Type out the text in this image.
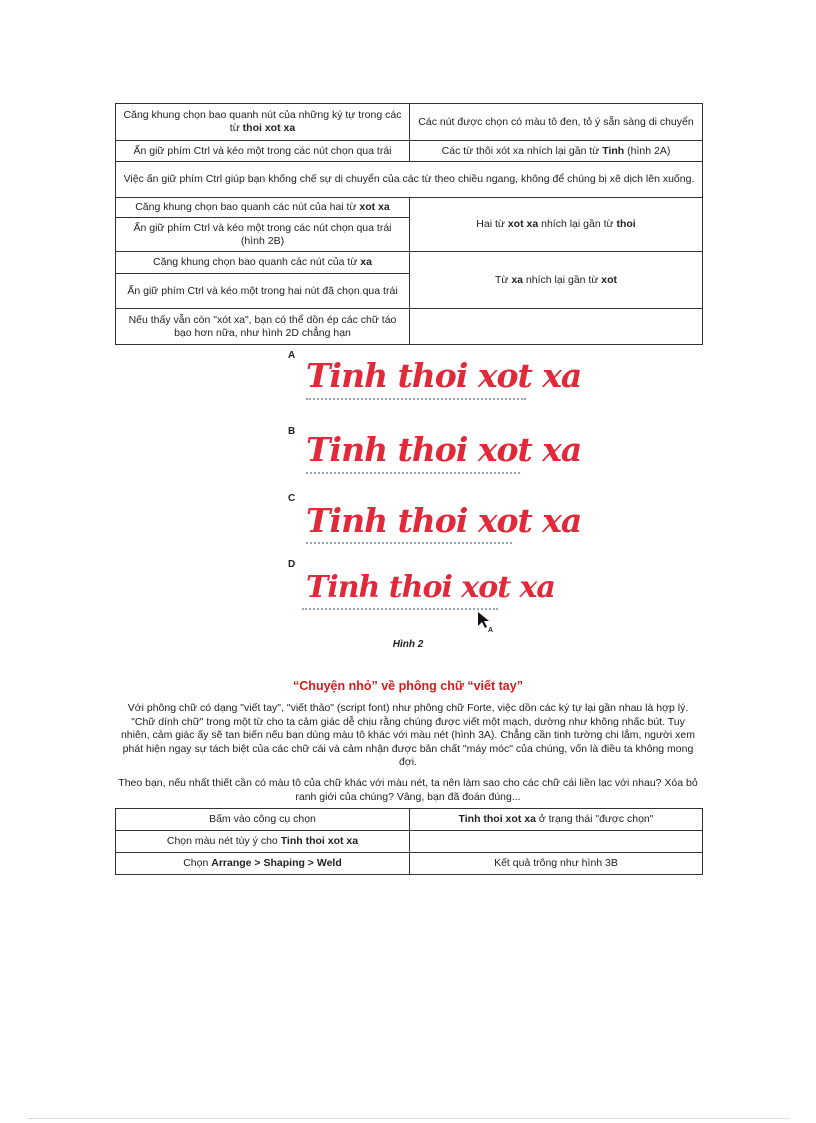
Căng khung chọn bao quanh nút của những ký tự trong các từ thoi xot xa	Các nút được chọn có màu tô đen, tỏ ý sẵn sàng di chuyển
Ấn giữ phím Ctrl và kéo một trong các nút chọn qua trái	Các từ thôi xót xa nhích lại gần từ Tinh (hình 2A)
Việc ấn giữ phím Ctrl giúp bạn khống chế sự di chuyển của các từ theo chiều ngang, không để chúng bị xê dịch lên xuống.	
Căng khung chọn bao quanh các nút của hai từ xot xa	Hai từ xot xa nhích lại gần từ thoi
Ấn giữ phím Ctrl và kéo một trong các nút chọn qua trái (hình 2B)	
Căng khung chọn bao quanh các nút của từ xa	Từ xa nhích lại gần từ xot
Ấn giữ phím Ctrl và kéo một trong hai nút đã chọn qua trái	
Nếu thấy vẫn còn "xót xa", bạn có thể dồn ép các chữ táo bạo hơn nữa, như hình 2D chẳng hạn	
A
Tinh thoi xot xa
B Tinh thoi xot xa
C
Tinh thoi xot xa
D
Tinh thoi xot xa
A
Hình 2
“Chuyện nhỏ” về phông chữ “viết tay”

Với phông chữ có dạng "viết tay", "viết thảo" (script font) như phông chữ Forte, việc dồn các ký tự lại gần nhau là hợp lý. "Chữ dính chữ" trong một từ cho ta cảm giác dễ chịu rằng chúng được viết một mạch, dường như không nhấc bút. Tuy nhiên, cảm giác ấy sẽ tan biến nếu bạn dùng màu tô khác với màu nét (hình 3A). Chẳng cần tinh tường chi lắm, người xem phát hiện ngay sự tách biệt của các chữ cái và cảm nhận được bản chất "máy móc" của chúng, vốn là điều ta không mong đợi.

Theo bạn, nếu nhất thiết cần có màu tô của chữ khác với màu nét, ta nên làm sao cho các chữ cái liền lạc với nhau? Xóa bỏ ranh giới của chúng? Vâng, bạn đã đoán đúng...

Bấm vào công cụ chọn	Tinh thoi xot xa ở trạng thái "được chọn"
Chọn màu nét tùy ý cho Tinh thoi xot xa	
Chọn Arrange > Shaping > Weld	Kết quả trông như hình 3B
